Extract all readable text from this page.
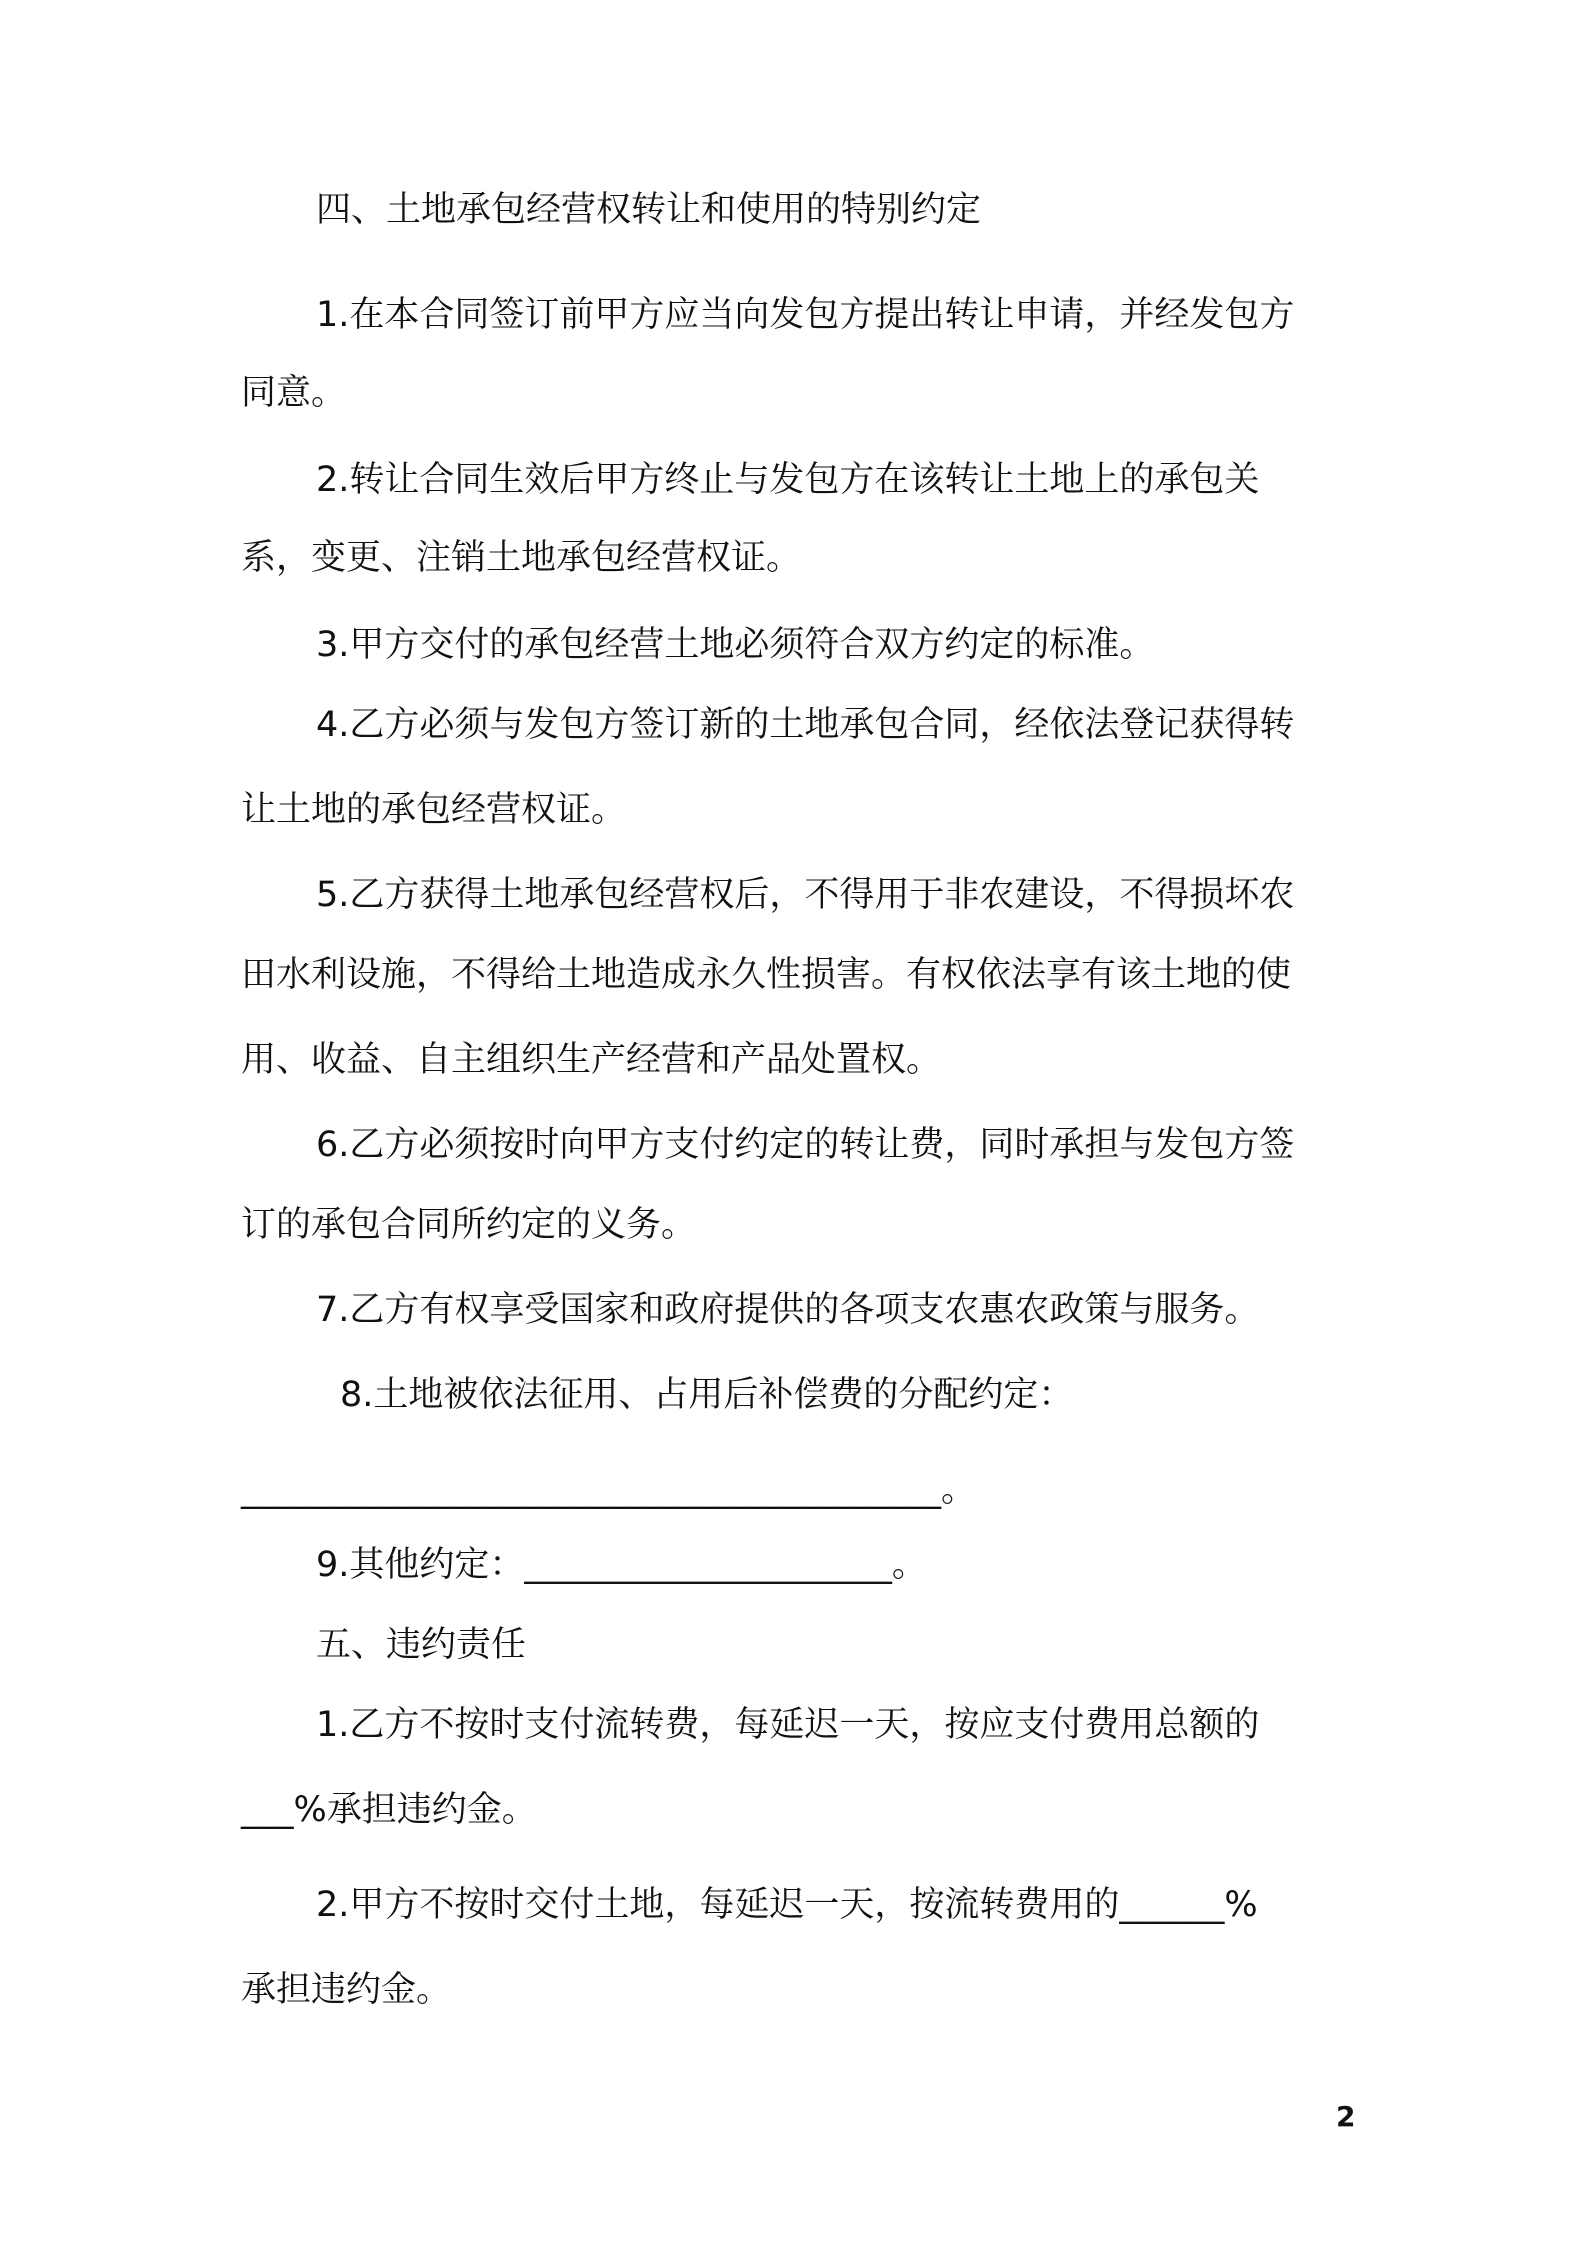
四、土地承包经营权转让和使用的特别约定
1.在本合同签订前甲方应当向发包方提出转让申请，并经发包方
同意。
2.转让合同生效后甲方终止与发包方在该转让土地上的承包关
系，变更、注销土地承包经营权证。
3.甲方交付的承包经营土地必须符合双方约定的标准。
4.乙方必须与发包方签订新的土地承包合同，经依法登记获得转
让土地的承包经营权证。
5.乙方获得土地承包经营权后，不得用于非农建设，不得损坏农
田水利设施，不得给土地造成永久性损害。有权依法享有该土地的使
用、收益、自主组织生产经营和产品处置权。
6.乙方必须按时向甲方支付约定的转让费，同时承担与发包方签
订的承包合同所约定的义务。
7.乙方有权享受国家和政府提供的各项支农惠农政策与服务。
8.土地被依法征用、占用后补偿费的分配约定：
________________________________________。
9.其他约定：_____________________。
五、违约责任
1.乙方不按时支付流转费，每延迟一天，按应支付费用总额的
___%承担违约金。
2.甲方不按时交付土地，每延迟一天，按流转费用的______%
承担违约金。
2
